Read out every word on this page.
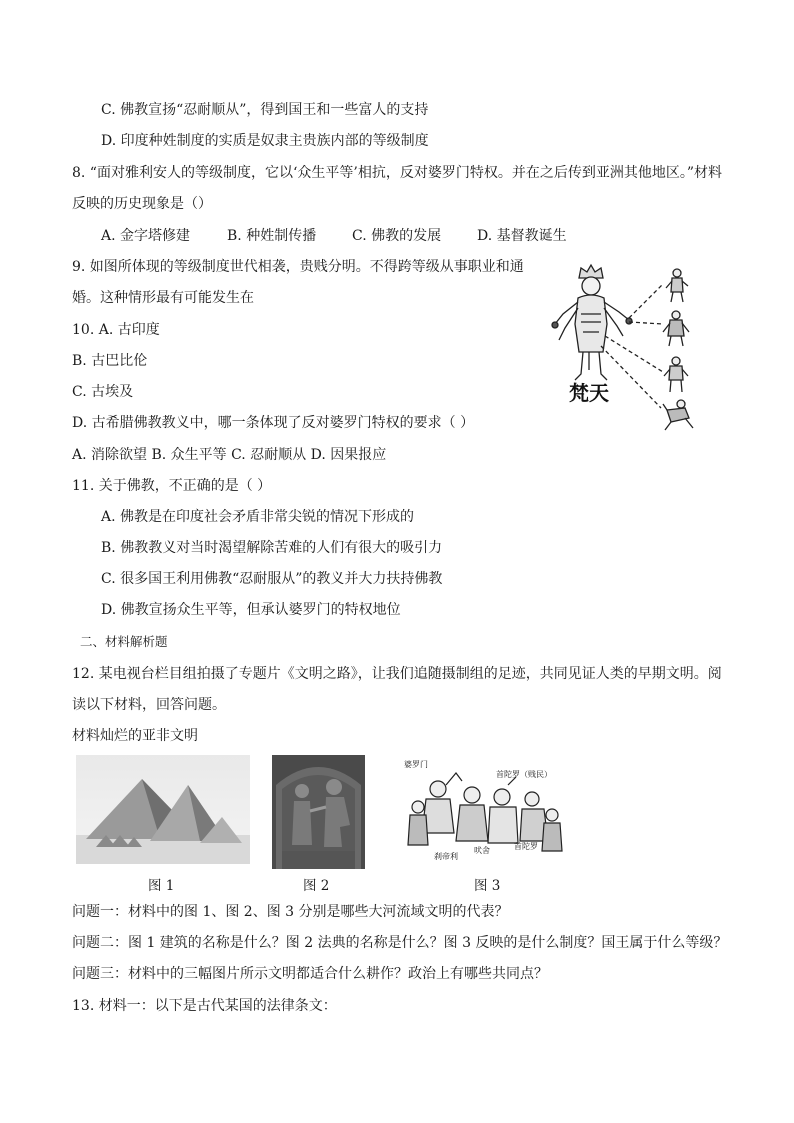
C. 佛教宣扬“忍耐顺从”，得到国王和一些富人的支持
D. 印度种姓制度的实质是奴隶主贵族内部的等级制度
8. “面对雅利安人的等级制度，它以‘众生平等’相抗，反对婆罗门特权。并在之后传到亚洲其他地区。”材料
反映的历史现象是（）
A. 金字塔修建	B. 种姓制传播	C. 佛教的发展	D. 基督教诞生
9. 如图所体现的等级制度世代相袭，贵贱分明。不得跨等级从事职业和通
婚。这种情形最有可能发生在
梵天
10. A. 古印度
B. 古巴比伦
C. 古埃及
D. 古希腊佛教教义中，哪一条体现了反对婆罗门特权的要求（ ）
A. 消除欲望 B. 众生平等 C. 忍耐顺从 D. 因果报应
11. 关于佛教，不正确的是（ ）
A. 佛教是在印度社会矛盾非常尖锐的情况下形成的
B. 佛教教义对当时渴望解除苦难的人们有很大的吸引力
C. 很多国王利用佛教“忍耐服从”的教义并大力扶持佛教
D. 佛教宣扬众生平等，但承认婆罗门的特权地位
二、材料解析题
12. 某电视台栏目组拍摄了专题片《文明之路》，让我们追随摄制组的足迹，共同见证人类的早期文明。阅
读以下材料，回答问题。
材料灿烂的亚非文明
婆罗门
首陀罗（贱民）
刹帝利
吠舍	首陀罗
图 1	图 2	图 3
问题一：材料中的图 1、图 2、图 3 分别是哪些大河流域文明的代表？
问题二：图 1 建筑的名称是什么？图 2 法典的名称是什么？图 3 反映的是什么制度？国王属于什么等级？
问题三：材料中的三幅图片所示文明都适合什么耕作？政治上有哪些共同点？
13. 材料一：以下是古代某国的法律条文：
